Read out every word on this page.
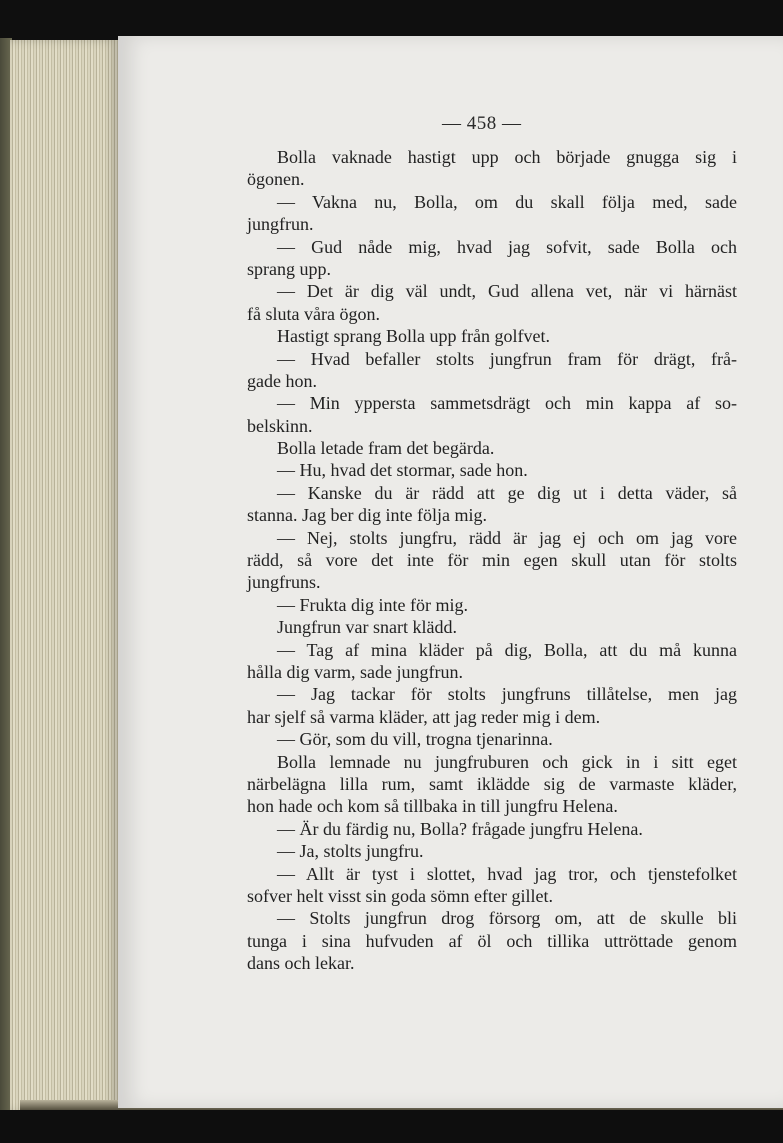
— 458 —
Bolla vaknade hastigt upp och började gnugga sig i
ögonen.
— Vakna nu, Bolla, om du skall följa med, sade
jungfrun.
— Gud nåde mig, hvad jag sofvit, sade Bolla och
sprang upp.
— Det är dig väl undt, Gud allena vet, när vi härnäst
få sluta våra ögon.
Hastigt sprang Bolla upp från golfvet.
— Hvad befaller stolts jungfrun fram för drägt, frå-
gade hon.
— Min yppersta sammetsdrägt och min kappa af so-
belskinn.
Bolla letade fram det begärda.
— Hu, hvad det stormar, sade hon.
— Kanske du är rädd att ge dig ut i detta väder, så
stanna. Jag ber dig inte följa mig.
— Nej, stolts jungfru, rädd är jag ej och om jag vore
rädd, så vore det inte för min egen skull utan för stolts
jungfruns.
— Frukta dig inte för mig.
Jungfrun var snart klädd.
— Tag af mina kläder på dig, Bolla, att du må kunna
hålla dig varm, sade jungfrun.
— Jag tackar för stolts jungfruns tillåtelse, men jag
har sjelf så varma kläder, att jag reder mig i dem.
— Gör, som du vill, trogna tjenarinna.
Bolla lemnade nu jungfruburen och gick in i sitt eget
närbelägna lilla rum, samt iklädde sig de varmaste kläder,
hon hade och kom så tillbaka in till jungfru Helena.
— Är du färdig nu, Bolla? frågade jungfru Helena.
— Ja, stolts jungfru.
— Allt är tyst i slottet, hvad jag tror, och tjenstefolket
sofver helt visst sin goda sömn efter gillet.
— Stolts jungfrun drog försorg om, att de skulle bli
tunga i sina hufvuden af öl och tillika uttröttade genom
dans och lekar.
